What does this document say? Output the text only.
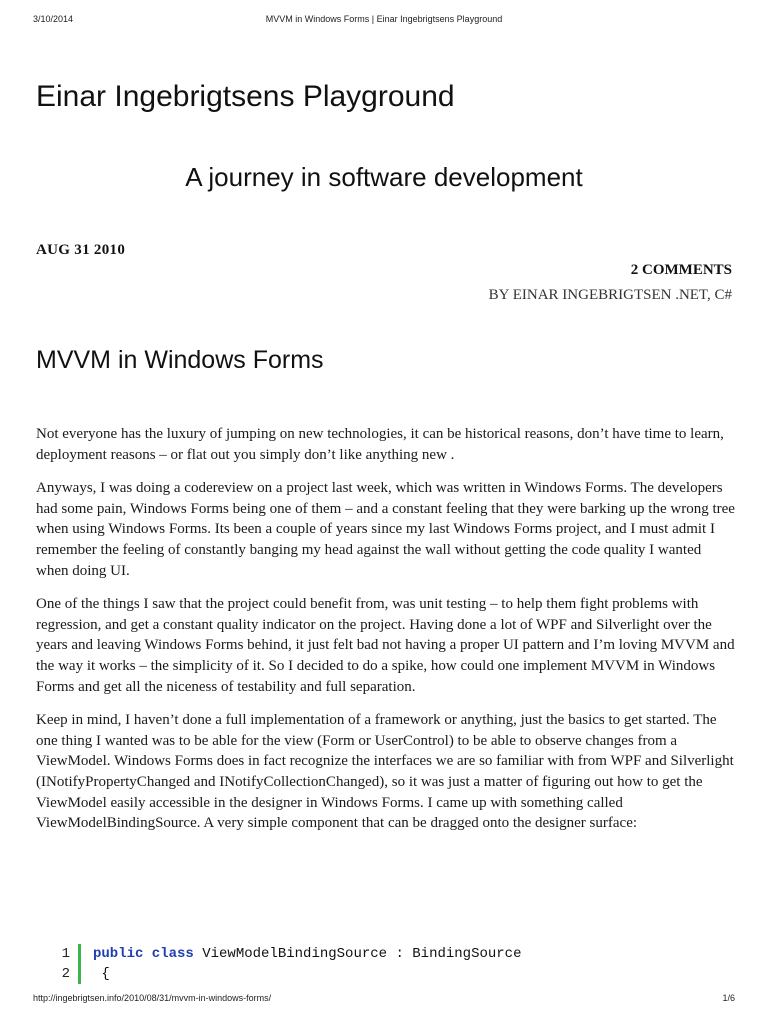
3/10/2014	MVVM in Windows Forms | Einar Ingebrigtsens Playground
Einar Ingebrigtsens Playground
A journey in software development
AUG 31 2010
2 COMMENTS
BY EINAR INGEBRIGTSEN .NET, C#
MVVM in Windows Forms

Not everyone has the luxury of jumping on new technologies, it can be historical reasons, don’t have time to learn, deployment reasons – or flat out you simply don’t like anything new .

Anyways, I was doing a codereview on a project last week, which was written in Windows Forms. The developers had some pain, Windows Forms being one of them – and a constant feeling that they were barking up the wrong tree when using Windows Forms. Its been a couple of years since my last Windows Forms project, and I must admit I remember the feeling of constantly banging my head against the wall without getting the code quality I wanted when doing UI.

One of the things I saw that the project could benefit from, was unit testing – to help them fight problems with regression, and get a constant quality indicator on the project. Having done a lot of WPF and Silverlight over the years and leaving Windows Forms behind, it just felt bad not having a proper UI pattern and I’m loving MVVM and the way it works – the simplicity of it. So I decided to do a spike, how could one implement MVVM in Windows Forms and get all the niceness of testability and full separation.

Keep in mind, I haven’t done a full implementation of a framework or anything, just the basics to get started. The one thing I wanted was to be able for the view (Form or UserControl) to be able to observe changes from a ViewModel. Windows Forms does in fact recognize the interfaces we are so familiar with from WPF and Silverlight (INotifyPropertyChanged and INotifyCollectionChanged), so it was just a matter of figuring out how to get the ViewModel easily accessible in the designer in Windows Forms. I came up with something called ViewModelBindingSource. A very simple component that can be dragged onto the designer surface:

1	public class ViewModelBindingSource : BindingSource
2	{
http://ingebrigtsen.info/2010/08/31/mvvm-in-windows-forms/	1/6
